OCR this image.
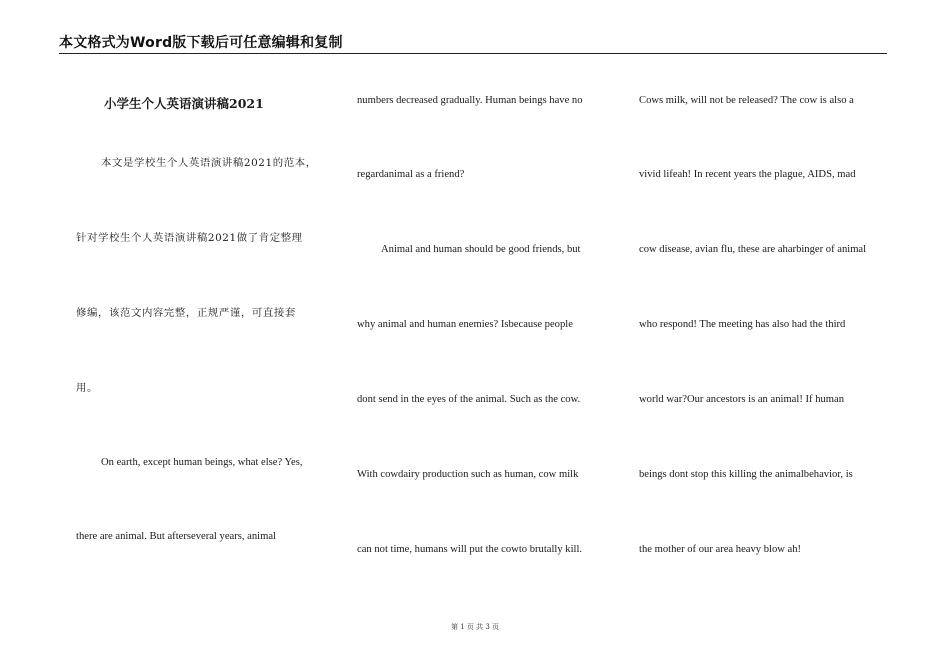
本文格式为Word版下载后可任意编辑和复制
小学生个人英语演讲稿2021
本文是学校生个人英语演讲稿2021的范本，
针对学校生个人英语演讲稿2021做了肯定整理
修编，该范文内容完整，正规严谨，可直接套
用。
On earth, except human beings, what else? Yes,
there are animal. But afterseveral years, animal
numbers decreased gradually. Human beings have no
regardanimal as a friend?
Animal and human should be good friends, but
why animal and human enemies? Isbecause people
dont send in the eyes of the animal. Such as the cow.
With cowdairy production such as human, cow milk
can not time, humans will put the cowto brutally kill.
Cows milk, will not be released? The cow is also a
vivid lifeah! In recent years the plague, AIDS, mad
cow disease, avian flu, these are aharbinger of animal
who respond! The meeting has also had the third
world war?Our ancestors is an animal! If human
beings dont stop this killing the animalbehavior, is
the mother of our area heavy blow ah!
第 1 页 共 3 页
